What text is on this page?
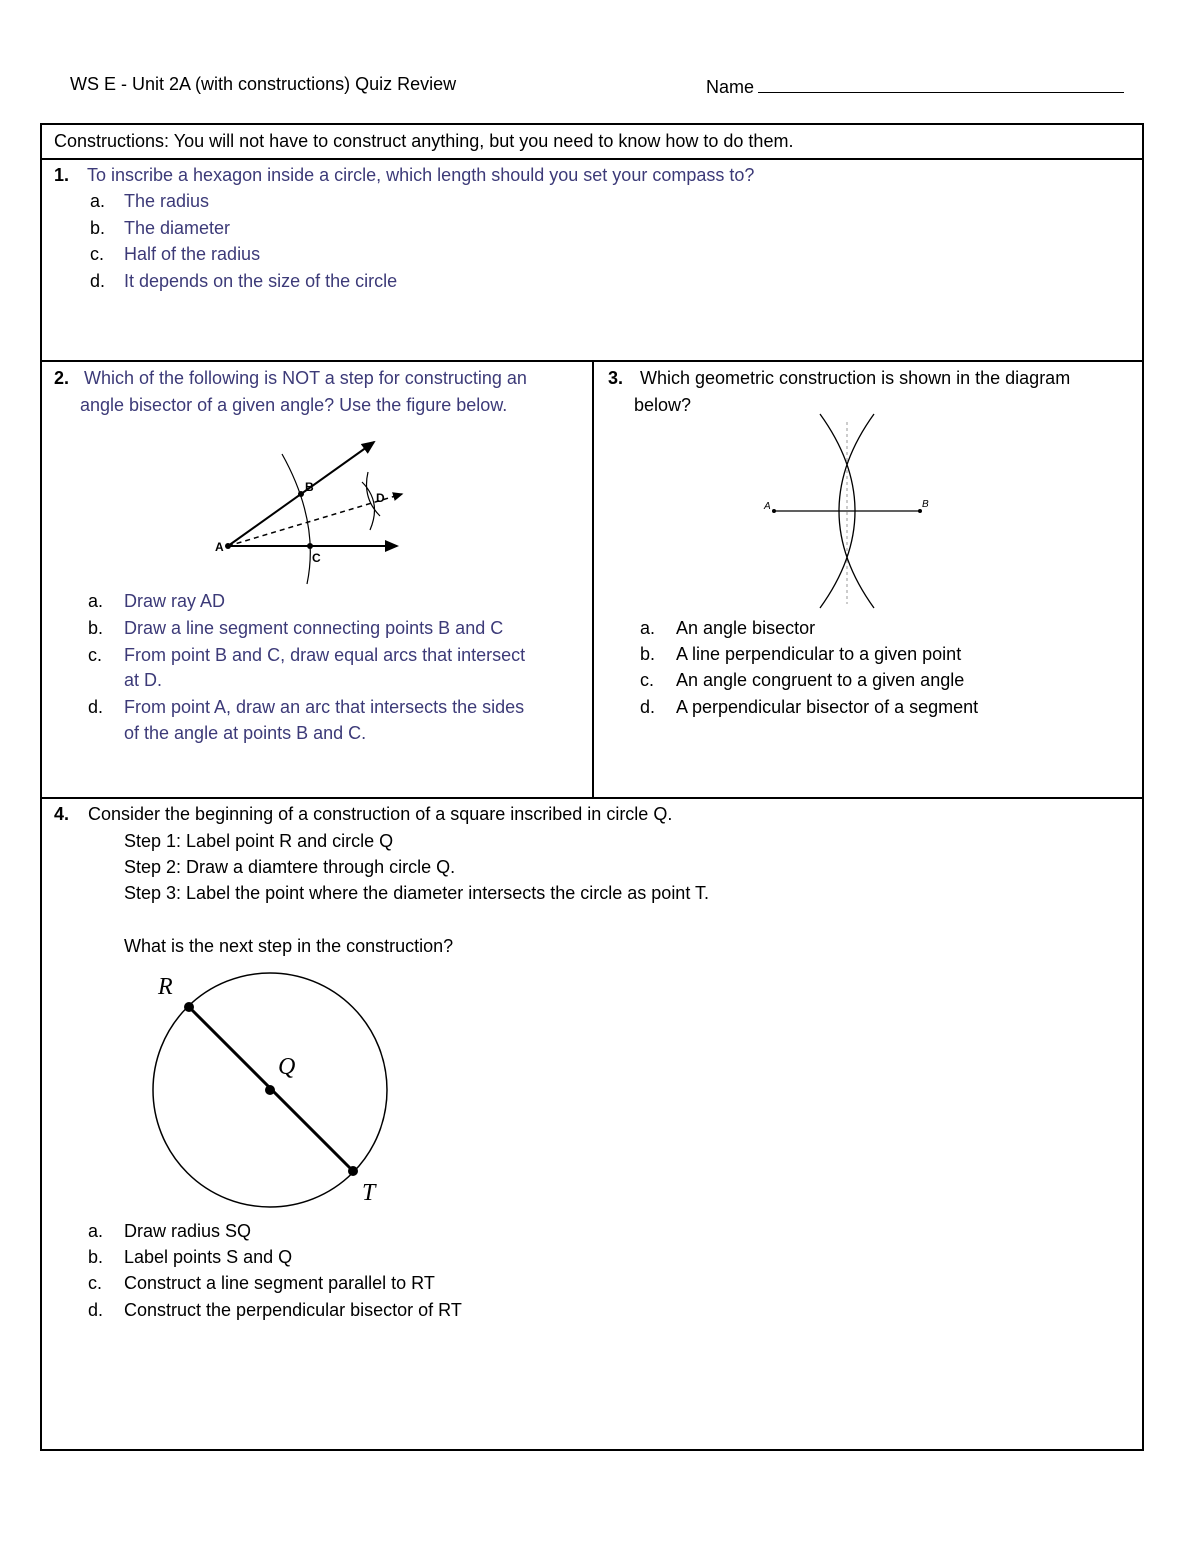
WS E - Unit 2A (with constructions) Quiz Review	Name
Constructions: You will not have to construct anything, but you need to know how to do them.
1. To inscribe a hexagon inside a circle, which length should you set your compass to?
a. The radius
b. The diameter
c. Half of the radius
d. It depends on the size of the circle
2. Which of the following is NOT a step for constructing an
angle bisector of a given angle? Use the figure below.
A
B
C
D
a. Draw ray AD
b. Draw a line segment connecting points B and C
c. From point B and C, draw equal arcs that intersect
at D.
d. From point A, draw an arc that intersects the sides
of the angle at points B and C.
3. Which geometric construction is shown in the diagram
below?
A	B
a. An angle bisector
b. A line perpendicular to a given point
c. An angle congruent to a given angle
d. A perpendicular bisector of a segment
4. Consider the beginning of a construction of a square inscribed in circle Q.
Step 1: Label point R and circle Q
Step 2: Draw a diamtere through circle Q.
Step 3: Label the point where the diameter intersects the circle as point T.
What is the next step in the construction?
R
Q
T
a. Draw radius SQ
b. Label points S and Q
c. Construct a line segment parallel to RT
d. Construct the perpendicular bisector of RT
